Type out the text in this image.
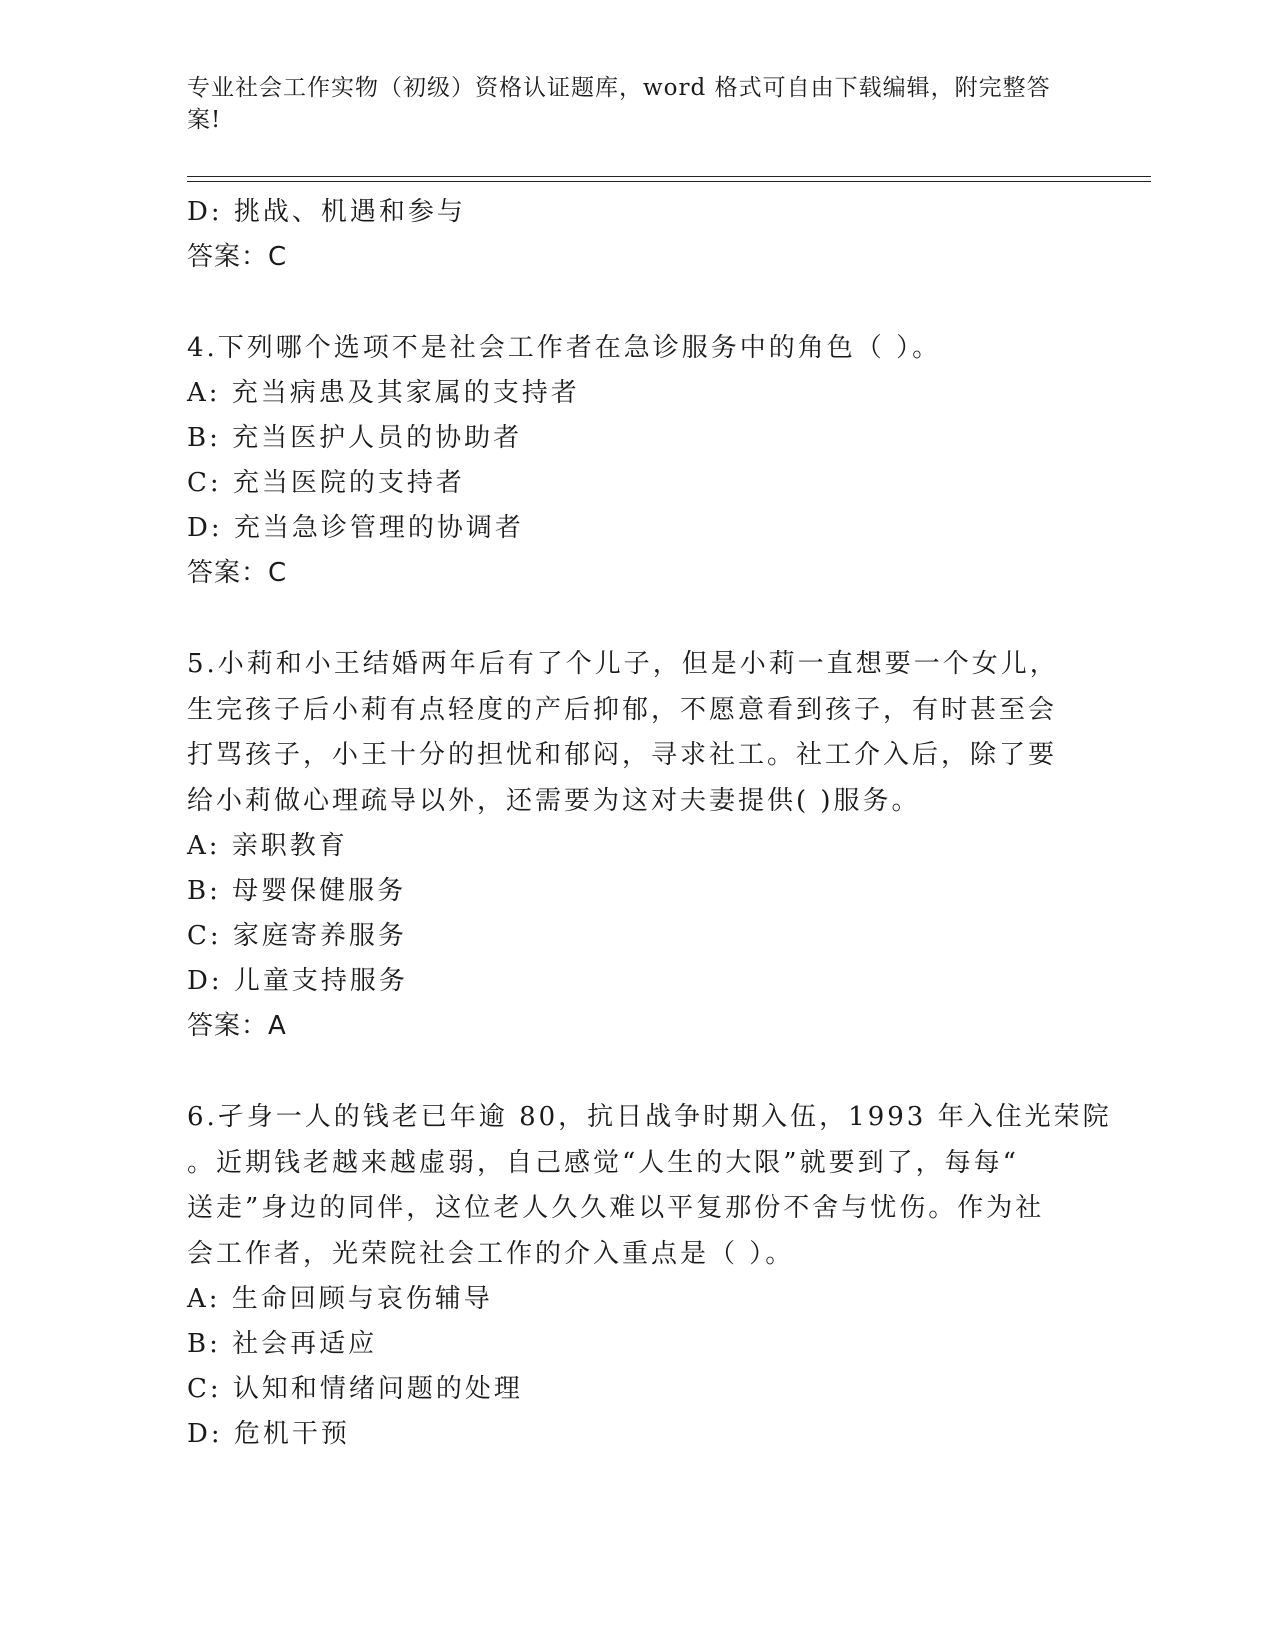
专业社会工作实物（初级）资格认证题库，word 格式可自由下载编辑，附完整答
案!
D: 挑战、机遇和参与
答案：C
4.下列哪个选项不是社会工作者在急诊服务中的角色（ ）。
A: 充当病患及其家属的支持者
B: 充当医护人员的协助者
C: 充当医院的支持者
D: 充当急诊管理的协调者
答案：C
5.小莉和小王结婚两年后有了个儿子，但是小莉一直想要一个女儿，
生完孩子后小莉有点轻度的产后抑郁，不愿意看到孩子，有时甚至会
打骂孩子，小王十分的担忧和郁闷，寻求社工。社工介入后，除了要
给小莉做心理疏导以外，还需要为这对夫妻提供( )服务。
A: 亲职教育
B: 母婴保健服务
C: 家庭寄养服务
D: 儿童支持服务
答案：A
6.孑身一人的钱老已年逾 80，抗日战争时期入伍，1993 年入住光荣院
。近期钱老越来越虚弱，自己感觉“人生的大限”就要到了，每每“
送走”身边的同伴，这位老人久久难以平复那份不舍与忧伤。作为社
会工作者，光荣院社会工作的介入重点是（ ）。
A: 生命回顾与哀伤辅导
B: 社会再适应
C: 认知和情绪问题的处理
D: 危机干预
